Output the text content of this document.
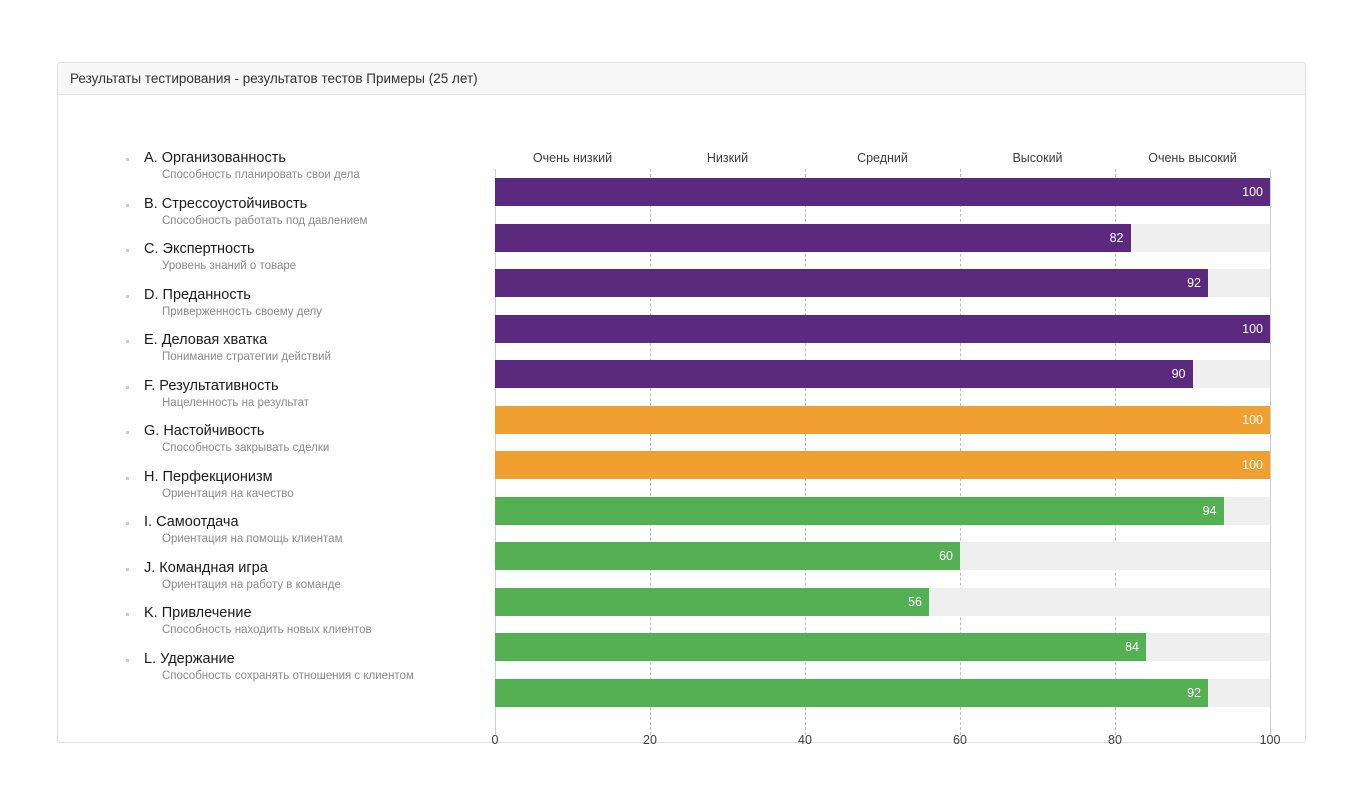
Результаты тестирования - результатов тестов Примеры (25 лет)
Очень низкий	Низкий	Средний	Высокий	Очень высокий
0	20	40	60	80	100
100
82
92
100
90
100
100
94
60
56
84
92
A. Организованность
Способность планировать свои дела
B. Стрессоустойчивость
Способность работать под давлением
C. Экспертность
Уровень знаний о товаре
D. Преданность
Приверженность своему делу
E. Деловая хватка
Понимание стратегии действий
F. Результативность
Нацеленность на результат
G. Настойчивость
Способность закрывать сделки
H. Перфекционизм
Ориентация на качество
I. Самоотдача
Ориентация на помощь клиентам
J. Командная игра
Ориентация на работу в команде
K. Привлечение
Способность находить новых клиентов
L. Удержание
Способность сохранять отношения с клиентом
